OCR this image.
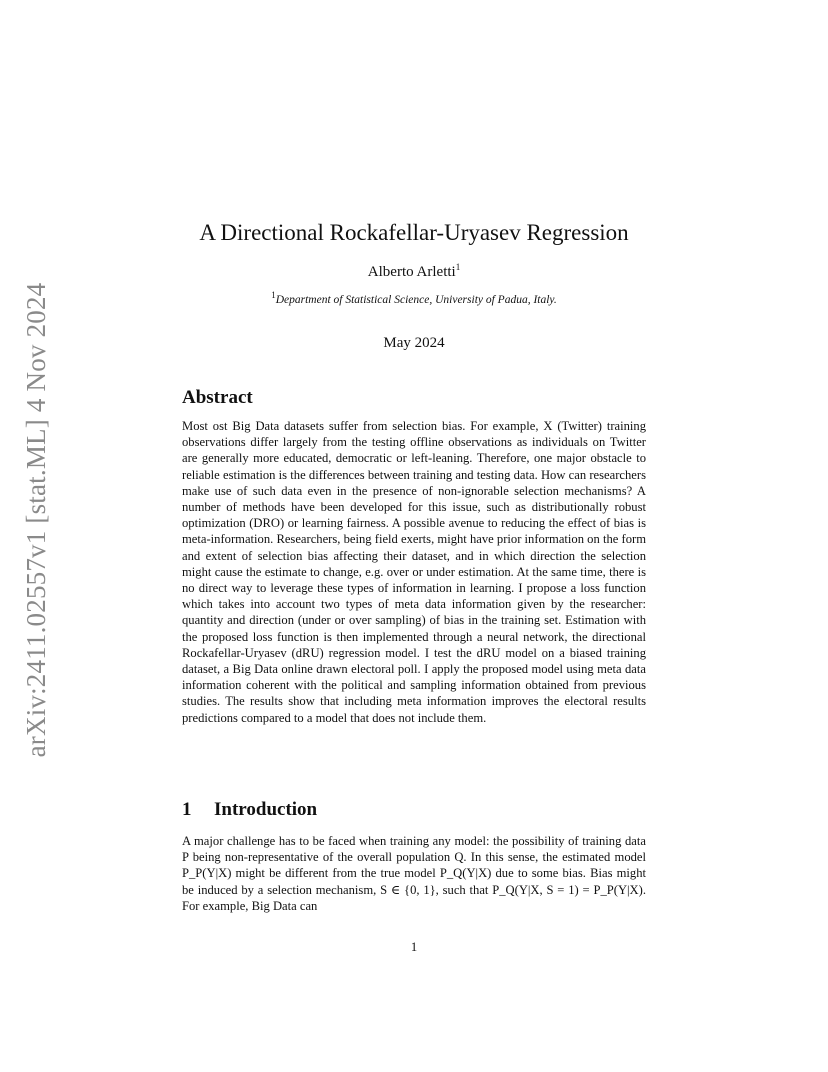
arXiv:2411.02557v1 [stat.ML] 4 Nov 2024
A Directional Rockafellar-Uryasev Regression
Alberto Arletti$^1$
$^1$Department of Statistical Science, University of Padua, Italy.
May 2024
Abstract

Most ost Big Data datasets suffer from selection bias. For example, X (Twitter) training observations differ largely from the testing offline observations as individuals on Twitter are generally more educated, democratic or left-leaning. Therefore, one major obstacle to reliable estimation is the differences between training and testing data. How can researchers make use of such data even in the presence of non-ignorable selection mechanisms? A number of methods have been developed for this issue, such as distributionally robust optimization (DRO) or learning fairness. A possible avenue to reducing the effect of bias is meta-information. Researchers, being field exerts, might have prior information on the form and extent of selection bias affecting their dataset, and in which direction the selection might cause the estimate to change, e.g. over or under estimation. At the same time, there is no direct way to leverage these types of information in learning. I propose a loss function which takes into account two types of meta data information given by the researcher: quantity and direction (under or over sampling) of bias in the training set. Estimation with the proposed loss function is then implemented through a neural network, the directional Rockafellar-Uryasev (dRU) regression model. I test the dRU model on a biased training dataset, a Big Data online drawn electoral poll. I apply the proposed model using meta data information coherent with the political and sampling information obtained from previous studies. The results show that including meta information improves the electoral results predictions compared to a model that does not include them.

1 Introduction

A major challenge has to be faced when training any model: the possibility of training data P being non-representative of the overall population Q. In this sense, the estimated model P_P(Y|X) might be different from the true model P_Q(Y|X) due to some bias. Bias might be induced by a selection mechanism, S ∈ {0, 1}, such that P_Q(Y|X, S = 1) = P_P(Y|X). For example, Big Data can

1
